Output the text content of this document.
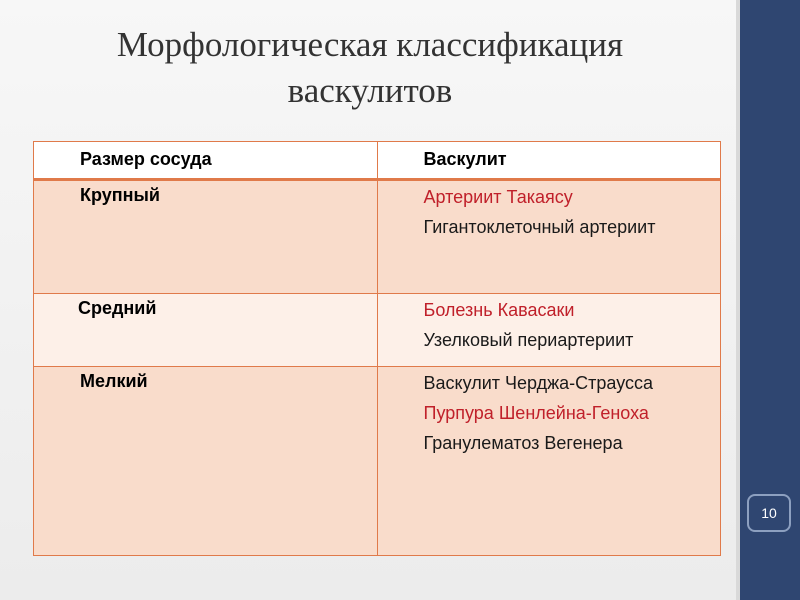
Морфологическая классификация васкулитов
Размер сосуда	Васкулит

Крупный	Артериит Такаясу
Гигантоклеточный артериит

Средний	Болезнь Кавасаки
Узелковый периартериит

Мелкий	Васкулит Черджа-Страусса
Пурпура Шенлейна-Геноха
Гранулематоз Вегенера
10
